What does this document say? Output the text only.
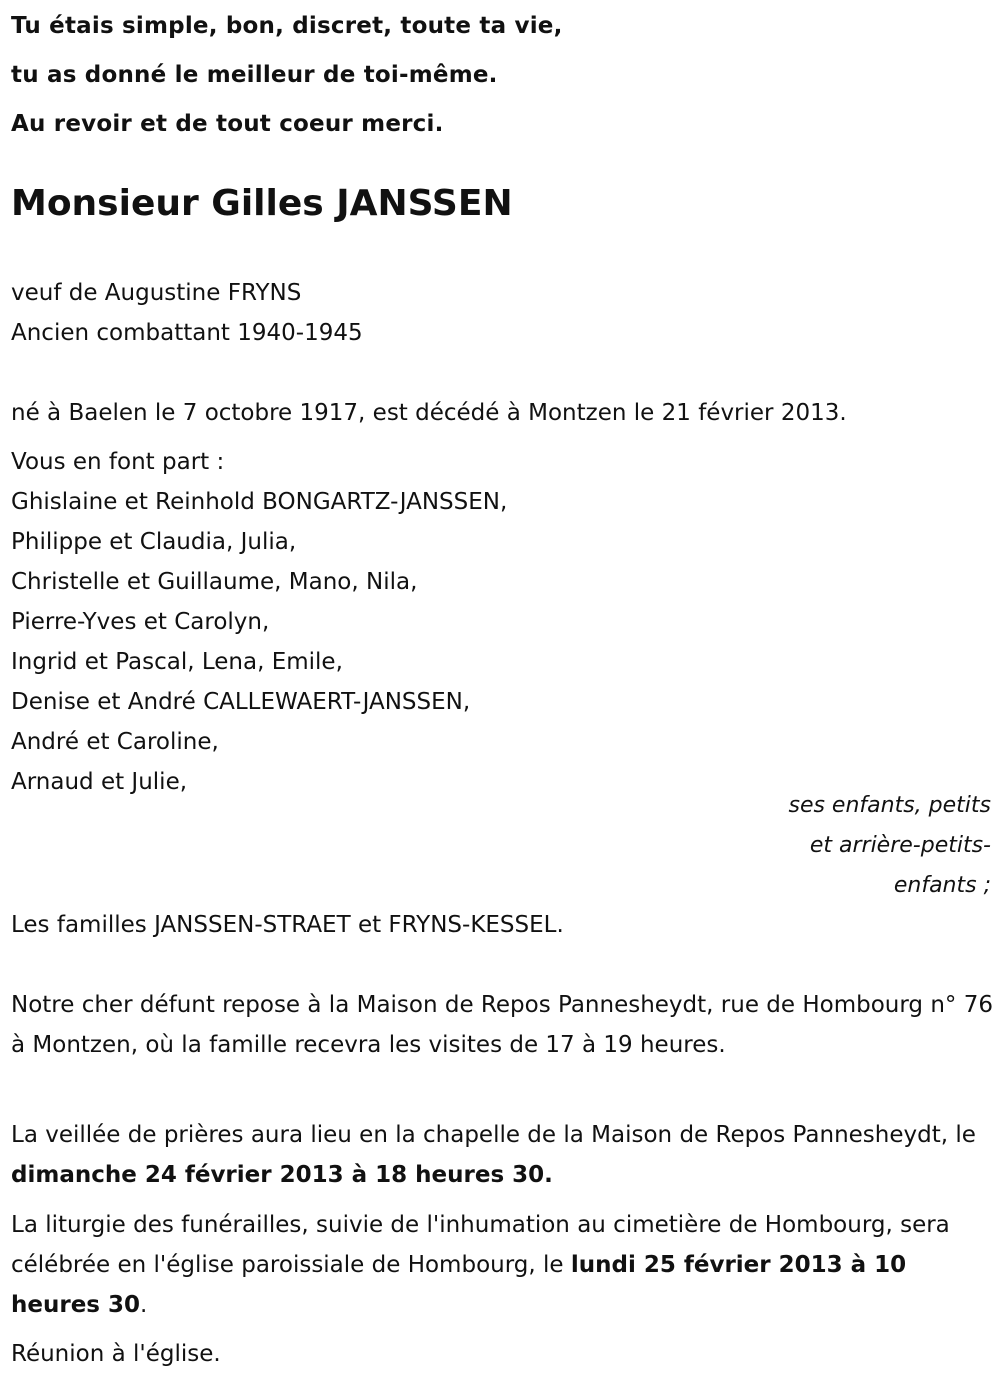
Tu étais simple, bon, discret, toute ta vie,
tu as donné le meilleur de toi-même.
Au revoir et de tout coeur merci.
Monsieur Gilles JANSSEN
veuf de Augustine FRYNS
Ancien combattant 1940-1945
né à Baelen le 7 octobre 1917, est décédé à Montzen le 21 février 2013.
Vous en font part :
Ghislaine et Reinhold BONGARTZ-JANSSEN,
Philippe et Claudia, Julia,
Christelle et Guillaume, Mano, Nila,
Pierre-Yves et Carolyn,
Ingrid et Pascal, Lena, Emile,
Denise et André CALLEWAERT-JANSSEN,
André et Caroline,
Arnaud et Julie,
ses enfants, petits
et arrière-petits-
enfants ;
Les familles JANSSEN-STRAET et FRYNS-KESSEL.
Notre cher défunt repose à la Maison de Repos Pannesheydt, rue de Hombourg n° 76 à Montzen, où la famille recevra les visites de 17 à 19 heures.
La veillée de prières aura lieu en la chapelle de la Maison de Repos Pannesheydt, le dimanche 24 février 2013 à 18 heures 30.
La liturgie des funérailles, suivie de l'inhumation au cimetière de Hombourg, sera célébrée en l'église paroissiale de Hombourg, le lundi 25 février 2013 à 10 heures 30.
Réunion à l'église.
